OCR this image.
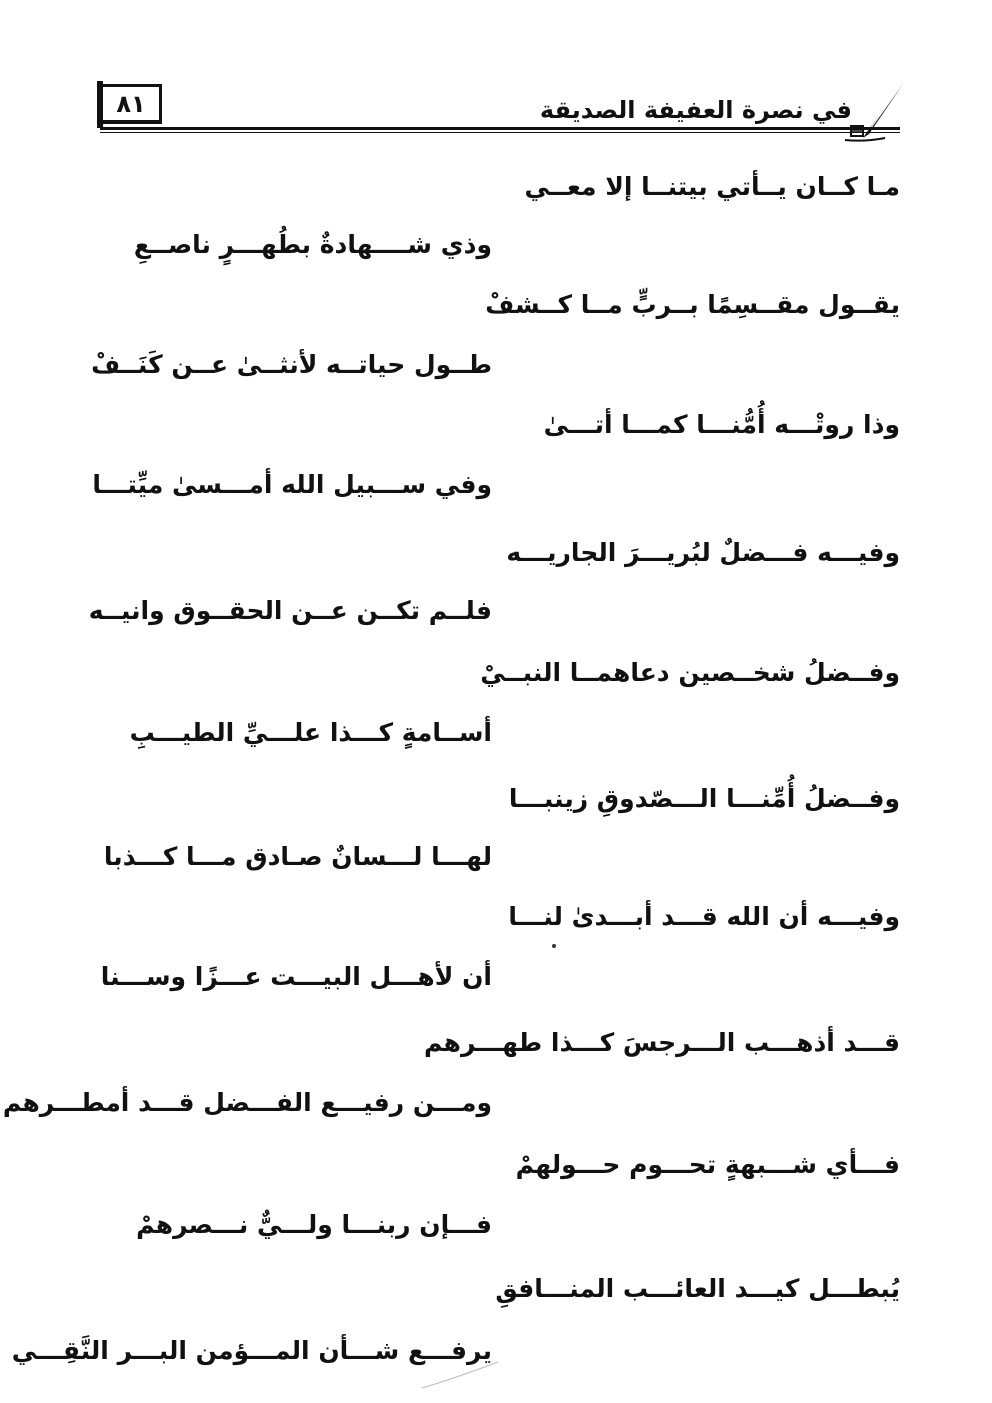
٨١	في نصرة العفيفة الصديقة
مـا كــان يــأتي بيتنــا إلا معــي
وذي شــــهادةٌ بطُهـــرٍ ناصــعِ
يقــول مقــسِمًا بــربٍّ مــا كــشفْ
طــول حياتــه لأنثــىٰ عــن كَنَــفْ
وذا روتْـــه أُمُّنـــا كمـــا أتـــىٰ
وفي ســـبيل الله أمـــسىٰ ميِّتـــا
وفيـــه فـــضلٌ لبُريـــرَ الجاريـــه
فلــم تكــن عــن الحقــوق وانيــه
وفــضلُ شخــصين دعاهمــا النبــيْ
أســامةٍ كـــذا علـــيِّ الطيـــبِ
وفــضلُ أُمِّنـــا الـــصّدوقِ زينبـــا
لهـــا لـــسانٌ صـادق مـــا كـــذبا
وفيـــه أن الله قـــد أبـــدىٰ لنـــا
أن لأهـــل البيـــت عـــزًا وســـنا
قـــد أذهـــب الـــرجسَ كـــذا طهـــرهم
ومـــن رفيـــع الفـــضل قـــد أمطـــرهم
فـــأي شـــبهةٍ تحـــوم حـــولهمْ
فـــإن ربنـــا ولـــيٌّ نـــصرهمْ
يُبطـــل كيـــد العائـــب المنـــافقِ
يرفـــع شـــأن المـــؤمن البـــر النَّقِـــي
